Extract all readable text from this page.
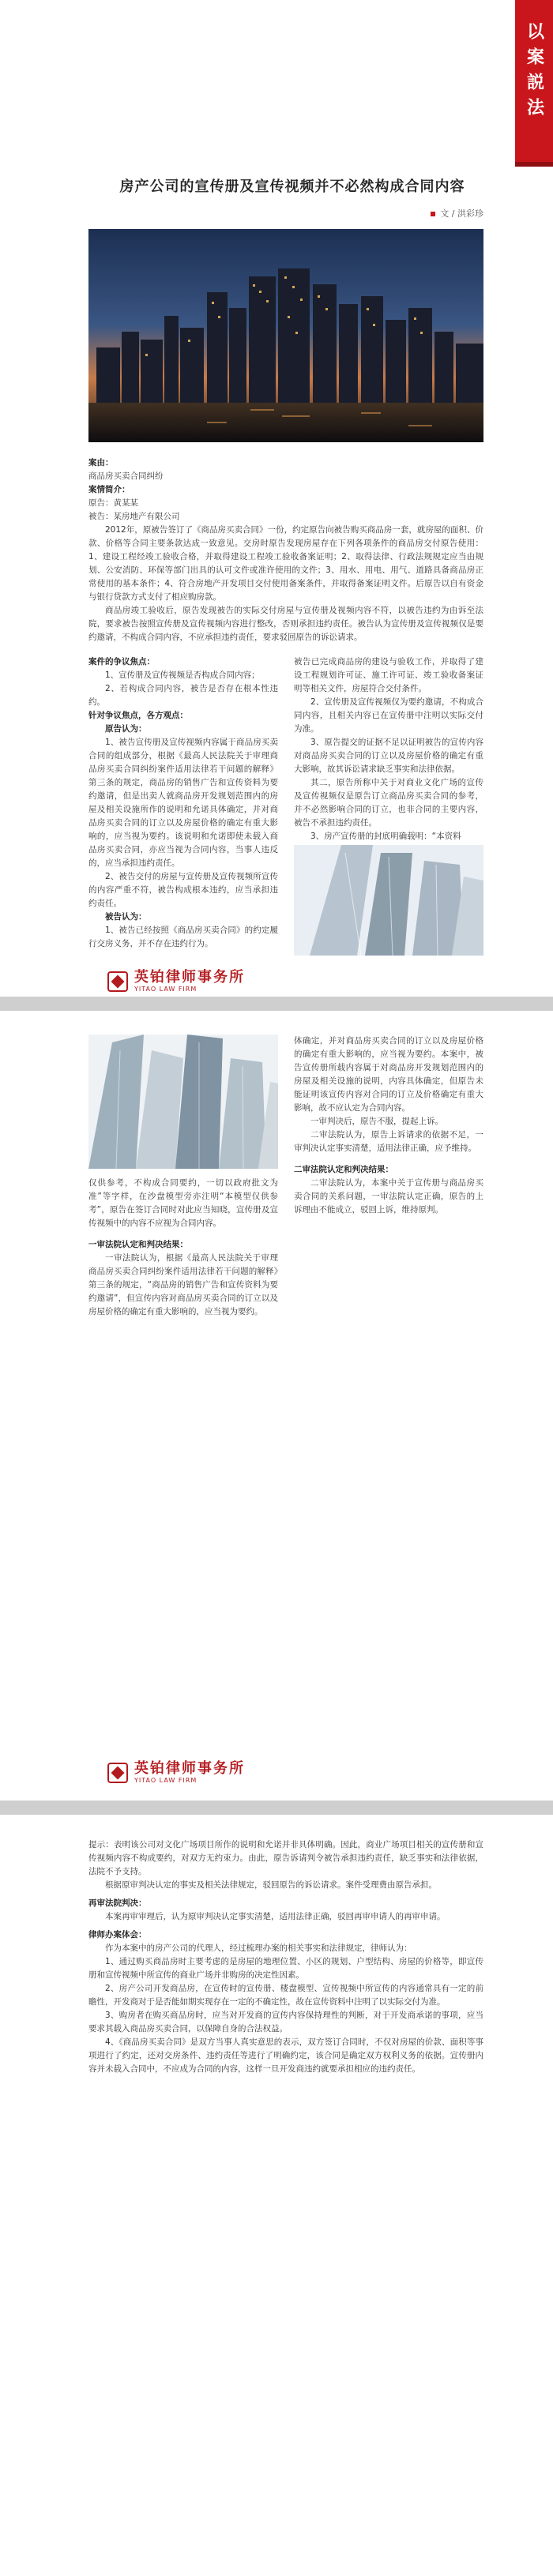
以案説法
房产公司的宣传册及宣传视频并不必然构成合同内容
文 / 洪彩珍
案由：
商品房买卖合同纠纷
案情简介：
原告：黄某某
被告：某房地产有限公司
2012年，原被告签订了《商品房买卖合同》一份，约定原告向被告购买商品房一套，就房屋的面积、价款、价格等合同主要条款达成一致意见。交房时原告发现房屋存在下列各项条件的商品房交付原告使用：1、建设工程经竣工验收合格，并取得建设工程竣工验收备案证明；2、取得法律、行政法规规定应当由规划、公安消防、环保等部门出具的认可文件或准许使用的文件；3、用水、用电、用气、道路具备商品房正常使用的基本条件；4、符合房地产开发项目交付使用备案条件，并取得备案证明文件。后原告以自有资金与银行贷款方式支付了相应购房款。
商品房竣工验收后，原告发现被告的实际交付房屋与宣传册及视频内容不符，以被告违约为由诉至法院，要求被告按照宣传册及宣传视频内容进行整改，否则承担违约责任。被告认为宣传册及宣传视频仅是要约邀请，不构成合同内容，不应承担违约责任，要求驳回原告的诉讼请求。
案件的争议焦点：
1、宣传册及宣传视频是否构成合同内容；
2、若构成合同内容，被告是否存在根本性违约。
针对争议焦点，各方观点：
原告认为：
1、被告宣传册及宣传视频内容属于商品房买卖合同的组成部分，根据《最高人民法院关于审理商品房买卖合同纠纷案件适用法律若干问题的解释》第三条的规定，商品房的销售广告和宣传资料为要约邀请，但是出卖人就商品房开发规划范围内的房屋及相关设施所作的说明和允诺具体确定，并对商品房买卖合同的订立以及房屋价格的确定有重大影响的，应当视为要约。该说明和允诺即使未载入商品房买卖合同，亦应当视为合同内容，当事人违反的，应当承担违约责任。
2、被告交付的房屋与宣传册及宣传视频所宣传的内容严重不符，被告构成根本违约，应当承担违约责任。
被告认为：
1、被告已经按照《商品房买卖合同》的约定履行交房义务，并不存在违约行为。
被告已完成商品房的建设与验收工作，并取得了建设工程规划许可证、施工许可证、竣工验收备案证明等相关文件，房屋符合交付条件。
2、宣传册及宣传视频仅为要约邀请，不构成合同内容，且相关内容已在宣传册中注明以实际交付为准。
3、原告提交的证据不足以证明被告的宣传内容对商品房买卖合同的订立以及房屋价格的确定有重大影响，故其诉讼请求缺乏事实和法律依据。
其二，原告所称中关于对商业文化广场的宣传及宣传视频仅是原告订立商品房买卖合同的参考，并不必然影响合同的订立，也非合同的主要内容，被告不承担违约责任。
3、房产宣传册的封底明确载明：“本资料
英铂律师事务所
YITAO LAW FIRM
仅供参考，不构成合同要约，一切以政府批文为准”等字样，在沙盘模型旁亦注明“本模型仅供参考”，原告在签订合同时对此应当知晓，宣传册及宣传视频中的内容不应视为合同内容。
一审法院认定和判决结果：
一审法院认为，根据《最高人民法院关于审理商品房买卖合同纠纷案件适用法律若干问题的解释》第三条的规定，“商品房的销售广告和宣传资料为要约邀请”，但宣传内容对商品房买卖合同的订立以及房屋价格的确定有重大影响的，应当视为要约。
体确定，并对商品房买卖合同的订立以及房屋价格的确定有重大影响的，应当视为要约。本案中，被告宣传册所载内容属于对商品房开发规划范围内的房屋及相关设施的说明，内容具体确定，但原告未能证明该宣传内容对合同的订立及价格确定有重大影响，故不应认定为合同内容。
一审判决后，原告不服，提起上诉。
二审法院认为，原告上诉请求的依据不足，一审判决认定事实清楚，适用法律正确，应予维持。
二审法院认定和判决结果：
二审法院认为，本案中关于宣传册与商品房买卖合同的关系问题，一审法院认定正确，原告的上诉理由不能成立，驳回上诉，维持原判。
英铂律师事务所
YITAO LAW FIRM
提示：表明该公司对文化广场项目所作的说明和允诺并非具体明确。因此，商业广场项目相关的宣传册和宣传视频内容不构成要约，对双方无约束力。由此，原告诉请判令被告承担违约责任，缺乏事实和法律依据，法院不予支持。
根据原审判决认定的事实及相关法律规定，驳回原告的诉讼请求。案件受理费由原告承担。
再审法院判决：
本案再审审理后，认为原审判决认定事实清楚，适用法律正确，驳回再审申请人的再审申请。
律师办案体会：
作为本案中的房产公司的代理人，经过梳理办案的相关事实和法律规定，律师认为：
1、通过购买商品房时主要考虑的是房屋的地理位置、小区的规划、户型结构、房屋的价格等，即宣传册和宣传视频中所宣传的商业广场并非购房的决定性因素。
2、房产公司开发商品房，在宣传时的宣传册、楼盘模型、宣传视频中所宣传的内容通常具有一定的前瞻性，开发商对于是否能如期实现存在一定的不确定性，故在宣传资料中注明了以实际交付为准。
3、购房者在购买商品房时，应当对开发商的宣传内容保持理性的判断，对于开发商承诺的事项，应当要求其载入商品房买卖合同，以保障自身的合法权益。
4、《商品房买卖合同》是双方当事人真实意思的表示，双方签订合同时，不仅对房屋的价款、面积等事项进行了约定，还对交房条件、违约责任等进行了明确约定，该合同是确定双方权利义务的依据。宣传册内容并未载入合同中，不应成为合同的内容，这样一旦开发商违约就要承担相应的违约责任。
